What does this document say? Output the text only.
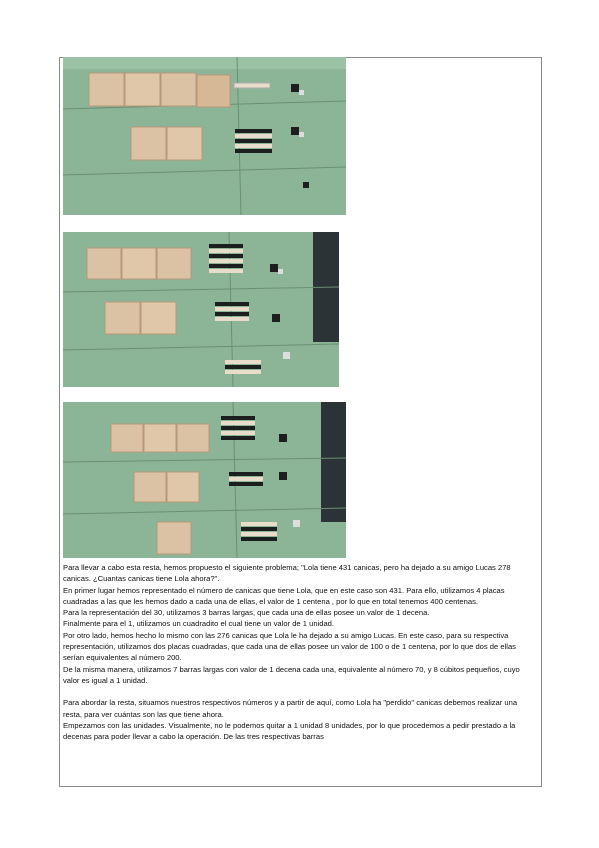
Para llevar a cabo esta resta, hemos propuesto el siguiente problema; "Lola tiene 431 canicas, pero ha dejado a su amigo Lucas 278 canicas. ¿Cuantas canicas tiene Lola ahora?".

En primer lugar hemos representado el número de canicas que tiene Lola, que en este caso son 431. Para ello, utilizamos 4 placas cuadradas a las que les hemos dado a cada una de ellas, el valor de 1 centena , por lo que en total tenemos 400 centenas.

Para la representación del 30, utilizamos 3 barras largas, que cada una de ellas posee un valor de 1 decena.

Finalmente para el 1, utilizamos un cuadradito el cual tiene un valor de 1 unidad.

Por otro lado, hemos hecho lo mismo con las 276 canicas que Lola le ha dejado a su amigo Lucas. En este caso, para su respectiva representación, utilizamos dos placas cuadradas, que cada una de ellas posee un valor de 100 o de 1 centena, por lo que dos de ellas serían equivalentes al número 200.

De la misma manera, utilizamos 7 barras largas con valor de 1 decena cada una, equivalente al número 70, y 8 cúbitos pequeños, cuyo valor es igual a 1 unidad.

Para abordar la resta, situamos nuestros respectivos números y a partir de aquí, como Lola ha "perdido" canicas debemos realizar una resta, para ver cuántas son las que tiene ahora.

Empezamos con las unidades. Visualmente, no le podemos quitar a 1 unidad 8 unidades, por lo que procedemos a pedir prestado a la decenas para poder llevar a cabo la operación. De las tres respectivas barras
